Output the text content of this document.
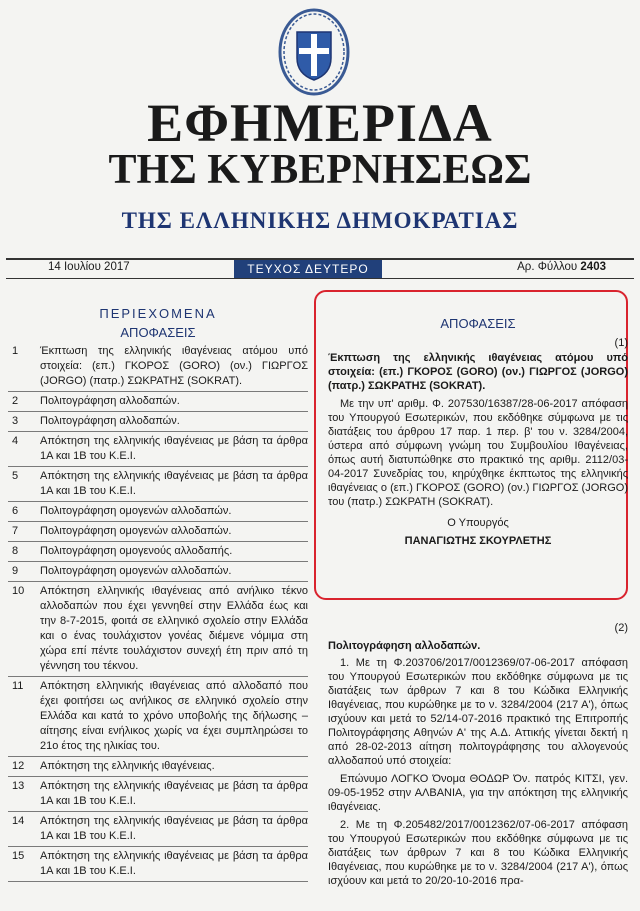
ΕΦΗΜΕΡΙΔΑ
ΤΗΣ ΚΥΒΕΡΝΗΣΕΩΣ
ΤΗΣ ΕΛΛΗΝΙΚΗΣ ΔΗΜΟΚΡΑΤΙΑΣ
14 Ιουλίου 2017	ΤΕΥΧΟΣ ΔΕΥΤΕΡΟ	Αρ. Φύλλου 2403
ΠΕΡΙΕΧΟΜΕΝΑ
ΑΠΟΦΑΣΕΙΣ
1	Έκπτωση της ελληνικής ιθαγένειας ατόμου υπό στοιχεία: (επ.) ΓΚΟΡΟΣ (GORO) (ον.) ΓΙΩΡΓΟΣ (JORGO) (πατρ.) ΣΩΚΡΑΤΗΣ (SOKRAT).
2	Πολιτογράφηση αλλοδαπών.
3	Πολιτογράφηση αλλοδαπών.
4	Απόκτηση της ελληνικής ιθαγένειας με βάση τα άρθρα 1Α και 1Β του Κ.Ε.Ι.
5	Απόκτηση της ελληνικής ιθαγένειας με βάση τα άρθρα 1Α και 1Β του Κ.Ε.Ι.
6	Πολιτογράφηση ομογενών αλλοδαπών.
7	Πολιτογράφηση ομογενών αλλοδαπών.
8	Πολιτογράφηση ομογενούς αλλοδαπής.
9	Πολιτογράφηση ομογενών αλλοδαπών.
10	Απόκτηση ελληνικής ιθαγένειας από ανήλικο τέκνο αλλοδαπών που έχει γεννηθεί στην Ελλάδα έως και την 8-7-2015, φοιτά σε ελληνικό σχολείο στην Ελλάδα και ο ένας τουλάχιστον γονέας διέμενε νόμιμα στη χώρα επί πέντε τουλάχιστον συνεχή έτη πριν από τη γέννηση του τέκνου.
11	Απόκτηση ελληνικής ιθαγένειας από αλλοδαπό που έχει φοιτήσει ως ανήλικος σε ελληνικό σχολείο στην Ελλάδα και κατά το χρόνο υποβολής της δήλωσης – αίτησης είναι ενήλικος χωρίς να έχει συμπληρώσει το 21ο έτος της ηλικίας του.
12	Απόκτηση της ελληνικής ιθαγένειας.
13	Απόκτηση της ελληνικής ιθαγένειας με βάση τα άρθρα 1Α και 1Β του Κ.Ε.Ι.
14	Απόκτηση της ελληνικής ιθαγένειας με βάση τα άρθρα 1Α και 1Β του Κ.Ε.Ι.
15	Απόκτηση της ελληνικής ιθαγένειας με βάση τα άρθρα 1Α και 1Β του Κ.Ε.Ι.
ΑΠΟΦΑΣΕΙΣ
(1)
Έκπτωση της ελληνικής ιθαγένειας ατόμου υπό στοιχεία: (επ.) ΓΚΟΡΟΣ (GORO) (ον.) ΓΙΩΡΓΟΣ (JORGO) (πατρ.) ΣΩΚΡΑΤΗΣ (SOKRAT).
Με την υπ' αριθμ. Φ. 207530/16387/28-06-2017 απόφαση του Υπουργού Εσωτερικών, που εκδόθηκε σύμφωνα με τις διατάξεις του άρθρου 17 παρ. 1 περ. β' του ν. 3284/2004, ύστερα από σύμφωνη γνώμη του Συμβουλίου Ιθαγένειας, όπως αυτή διατυπώθηκε στο πρακτικό της αριθμ. 2112/03-04-2017 Συνεδρίας του, κηρύχθηκε έκπτωτος της ελληνικής ιθαγένειας ο (επ.) ΓΚΟΡΟΣ (GORO) (ον.) ΓΙΩΡΓΟΣ (JORGO) του (πατρ.) ΣΩΚΡΑΤΗ (SOKRAT).
Ο Υπουργός
ΠΑΝΑΓΙΩΤΗΣ ΣΚΟΥΡΛΕΤΗΣ
(2)
Πολιτογράφηση αλλοδαπών.
1. Με τη Φ.203706/2017/0012369/07-06-2017 απόφαση του Υπουργού Εσωτερικών που εκδόθηκε σύμφωνα με τις διατάξεις των άρθρων 7 και 8 του Κώδικα Ελληνικής Ιθαγένειας, που κυρώθηκε με το ν. 3284/2004 (217 Α'), όπως ισχύουν και μετά το 52/14-07-2016 πρακτικό της Επιτροπής Πολιτογράφησης Αθηνών Α' της Α.Δ. Αττικής γίνεται δεκτή η από 28-02-2013 αίτηση πολιτογράφησης του αλλογενούς αλλοδαπού υπό στοιχεία:
Επώνυμο ΛΟΓΚΟ Όνομα ΘΟΔΩΡ Όν. πατρός ΚΙΤΣΙ, γεν. 09-05-1952 στην ΑΛΒΑΝΙΑ, για την απόκτηση της ελληνικής ιθαγένειας.
2. Με τη Φ.205482/2017/0012362/07-06-2017 απόφαση του Υπουργού Εσωτερικών που εκδόθηκε σύμφωνα με τις διατάξεις των άρθρων 7 και 8 του Κώδικα Ελληνικής Ιθαγένειας, που κυρώθηκε με το ν. 3284/2004 (217 Α'), όπως ισχύουν και μετά το 20/20-10-2016 πρα-
